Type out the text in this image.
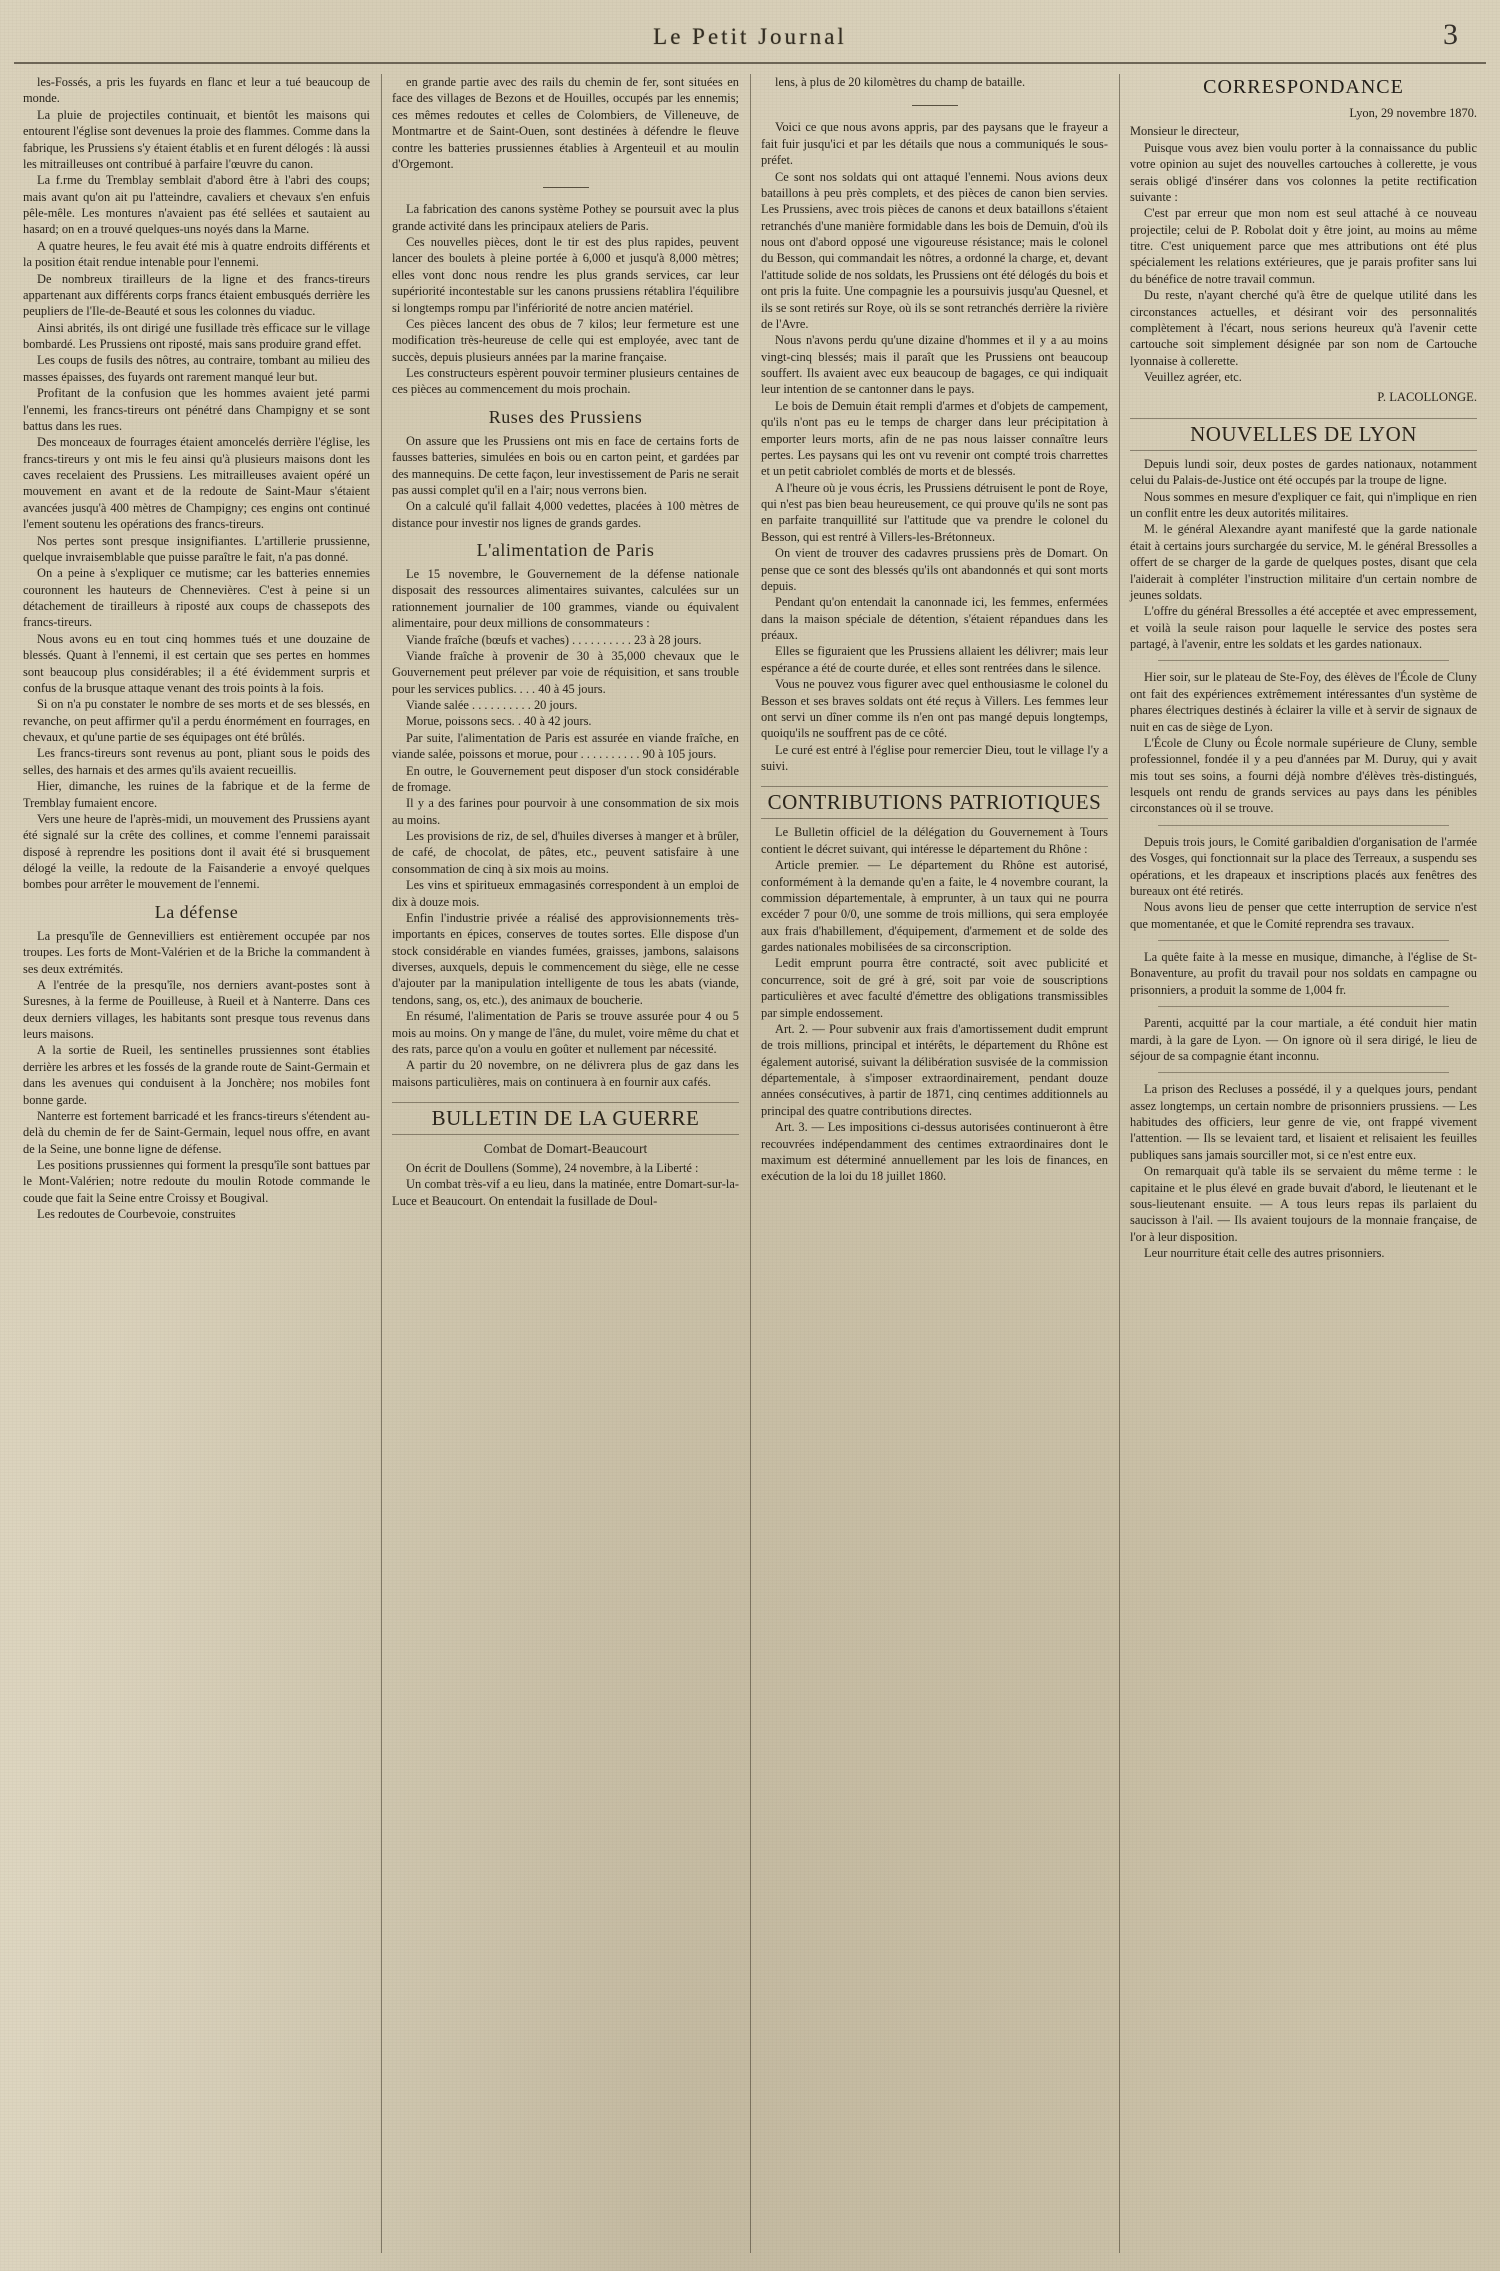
Le Petit Journal	3

les-Fossés, a pris les fuyards en flanc et leur a tué beaucoup de monde.

La pluie de projectiles continuait, et bientôt les maisons qui entourent l'église sont devenues la proie des flammes. Comme dans la fabrique, les Prussiens s'y étaient établis et en furent délogés : là aussi les mitrailleuses ont contribué à parfaire l'œuvre du canon.

La f.rme du Tremblay semblait d'abord être à l'abri des coups; mais avant qu'on ait pu l'atteindre, cavaliers et chevaux s'en enfuis pêle-mêle. Les montures n'avaient pas été sellées et sautaient au hasard; on en a trouvé quelques-uns noyés dans la Marne.

A quatre heures, le feu avait été mis à quatre endroits différents et la position était rendue intenable pour l'ennemi.

De nombreux tirailleurs de la ligne et des francs-tireurs appartenant aux différents corps francs étaient embusqués derrière les peupliers de l'Ile-de-Beauté et sous les colonnes du viaduc.

Ainsi abrités, ils ont dirigé une fusillade très efficace sur le village bombardé. Les Prussiens ont riposté, mais sans produire grand effet.

Les coups de fusils des nôtres, au contraire, tombant au milieu des masses épaisses, des fuyards ont rarement manqué leur but.

Profitant de la confusion que les hommes avaient jeté parmi l'ennemi, les francs-tireurs ont pénétré dans Champigny et se sont battus dans les rues.

Des monceaux de fourrages étaient amoncelés derrière l'église, les francs-tireurs y ont mis le feu ainsi qu'à plusieurs maisons dont les caves recelaient des Prussiens. Les mitrailleuses avaient opéré un mouvement en avant et de la redoute de Saint-Maur s'étaient avancées jusqu'à 400 mètres de Champigny; ces engins ont continué l'ement soutenu les opérations des francs-tireurs.

Nos pertes sont presque insignifiantes. L'artillerie prussienne, quelque invraisemblable que puisse paraître le fait, n'a pas donné.

On a peine à s'expliquer ce mutisme; car les batteries ennemies couronnent les hauteurs de Chennevières. C'est à peine si un détachement de tirailleurs à riposté aux coups de chassepots des francs-tireurs.

Nous avons eu en tout cinq hommes tués et une douzaine de blessés. Quant à l'ennemi, il est certain que ses pertes en hommes sont beaucoup plus considérables; il a été évidemment surpris et confus de la brusque attaque venant des trois points à la fois.

Si on n'a pu constater le nombre de ses morts et de ses blessés, en revanche, on peut affirmer qu'il a perdu énormément en fourrages, en chevaux, et qu'une partie de ses équipages ont été brûlés.

Les francs-tireurs sont revenus au pont, pliant sous le poids des selles, des harnais et des armes qu'ils avaient recueillis.

Hier, dimanche, les ruines de la fabrique et de la ferme de Tremblay fumaient encore.

Vers une heure de l'après-midi, un mouvement des Prussiens ayant été signalé sur la crête des collines, et comme l'ennemi paraissait disposé à reprendre les positions dont il avait été si brusquement délogé la veille, la redoute de la Faisanderie a envoyé quelques bombes pour arrêter le mouvement de l'ennemi.

La défense

La presqu'île de Gennevilliers est entièrement occupée par nos troupes. Les forts de Mont-Valérien et de la Briche la commandent à ses deux extrémités.

A l'entrée de la presqu'île, nos derniers avant-postes sont à Suresnes, à la ferme de Pouilleuse, à Rueil et à Nanterre. Dans ces deux derniers villages, les habitants sont presque tous revenus dans leurs maisons.

A la sortie de Rueil, les sentinelles prussiennes sont établies derrière les arbres et les fossés de la grande route de Saint-Germain et dans les avenues qui conduisent à la Jonchère; nos mobiles font bonne garde.

Nanterre est fortement barricadé et les francs-tireurs s'étendent au-delà du chemin de fer de Saint-Germain, lequel nous offre, en avant de la Seine, une bonne ligne de défense.

Les positions prussiennes qui forment la presqu'île sont battues par le Mont-Valérien; notre redoute du moulin Rotode commande le coude que fait la Seine entre Croissy et Bougival.

Les redoutes de Courbevoie, construites

en grande partie avec des rails du chemin de fer, sont situées en face des villages de Bezons et de Houilles, occupés par les ennemis; ces mêmes redoutes et celles de Colombiers, de Villeneuve, de Montmartre et de Saint-Ouen, sont destinées à défendre le fleuve contre les batteries prussiennes établies à Argenteuil et au moulin d'Orgemont.

La fabrication des canons système Pothey se poursuit avec la plus grande activité dans les principaux ateliers de Paris.

Ces nouvelles pièces, dont le tir est des plus rapides, peuvent lancer des boulets à pleine portée à 6,000 et jusqu'à 8,000 mètres; elles vont donc nous rendre les plus grands services, car leur supériorité incontestable sur les canons prussiens rétablira l'équilibre si longtemps rompu par l'infériorité de notre ancien matériel.

Ces pièces lancent des obus de 7 kilos; leur fermeture est une modification très-heureuse de celle qui est employée, avec tant de succès, depuis plusieurs années par la marine française.

Les constructeurs espèrent pouvoir terminer plusieurs centaines de ces pièces au commencement du mois prochain.

Ruses des Prussiens

On assure que les Prussiens ont mis en face de certains forts de fausses batteries, simulées en bois ou en carton peint, et gardées par des mannequins. De cette façon, leur investissement de Paris ne serait pas aussi complet qu'il en a l'air; nous verrons bien.

On a calculé qu'il fallait 4,000 vedettes, placées à 100 mètres de distance pour investir nos lignes de grands gardes.

L'alimentation de Paris

Le 15 novembre, le Gouvernement de la défense nationale disposait des ressources alimentaires suivantes, calculées sur un rationnement journalier de 100 grammes, viande ou équivalent alimentaire, pour deux millions de consommateurs :

Viande fraîche (bœufs et vaches) . . . . . . . . . . 23 à 28 jours.

Viande fraîche à provenir de 30 à 35,000 chevaux que le Gouvernement peut prélever par voie de réquisition, et sans trouble pour les services publics. . . . 40 à 45 jours.

Viande salée . . . . . . . . . . 20 jours.

Morue, poissons secs. . 40 à 42 jours.

Par suite, l'alimentation de Paris est assurée en viande fraîche, en viande salée, poissons et morue, pour . . . . . . . . . . 90 à 105 jours.

En outre, le Gouvernement peut disposer d'un stock considérable de fromage.

Il y a des farines pour pourvoir à une consommation de six mois au moins.

Les provisions de riz, de sel, d'huiles diverses à manger et à brûler, de café, de chocolat, de pâtes, etc., peuvent satisfaire à une consommation de cinq à six mois au moins.

Les vins et spiritueux emmagasinés correspondent à un emploi de dix à douze mois.

Enfin l'industrie privée a réalisé des approvisionnements très-importants en épices, conserves de toutes sortes. Elle dispose d'un stock considérable en viandes fumées, graisses, jambons, salaisons diverses, auxquels, depuis le commencement du siège, elle ne cesse d'ajouter par la manipulation intelligente de tous les abats (viande, tendons, sang, os, etc.), des animaux de boucherie.

En résumé, l'alimentation de Paris se trouve assurée pour 4 ou 5 mois au moins. On y mange de l'âne, du mulet, voire même du chat et des rats, parce qu'on a voulu en goûter et nullement par nécessité.

A partir du 20 novembre, on ne délivrera plus de gaz dans les maisons particulières, mais on continuera à en fournir aux cafés.

BULLETIN DE LA GUERRE
Combat de Domart-Beaucourt

On écrit de Doullens (Somme), 24 novembre, à la Liberté :

Un combat très-vif a eu lieu, dans la matinée, entre Domart-sur-la-Luce et Beaucourt. On entendait la fusillade de Doul-

lens, à plus de 20 kilomètres du champ de bataille.

Voici ce que nous avons appris, par des paysans que le frayeur a fait fuir jusqu'ici et par les détails que nous a communiqués le sous-préfet.

Ce sont nos soldats qui ont attaqué l'ennemi. Nous avions deux bataillons à peu près complets, et des pièces de canon bien servies. Les Prussiens, avec trois pièces de canons et deux bataillons s'étaient retranchés d'une manière formidable dans les bois de Demuin, d'où ils nous ont d'abord opposé une vigoureuse résistance; mais le colonel du Besson, qui commandait les nôtres, a ordonné la charge, et, devant l'attitude solide de nos soldats, les Prussiens ont été délogés du bois et ont pris la fuite. Une compagnie les a poursuivis jusqu'au Quesnel, et ils se sont retirés sur Roye, où ils se sont retranchés derrière la rivière de l'Avre.

Nous n'avons perdu qu'une dizaine d'hommes et il y a au moins vingt-cinq blessés; mais il paraît que les Prussiens ont beaucoup souffert. Ils avaient avec eux beaucoup de bagages, ce qui indiquait leur intention de se cantonner dans le pays.

Le bois de Demuin était rempli d'armes et d'objets de campement, qu'ils n'ont pas eu le temps de charger dans leur précipitation à emporter leurs morts, afin de ne pas nous laisser connaître leurs pertes. Les paysans qui les ont vu revenir ont compté trois charrettes et un petit cabriolet comblés de morts et de blessés.

A l'heure où je vous écris, les Prussiens détruisent le pont de Roye, qui n'est pas bien beau heureusement, ce qui prouve qu'ils ne sont pas en parfaite tranquillité sur l'attitude que va prendre le colonel du Besson, qui est rentré à Villers-les-Brétonneux.

On vient de trouver des cadavres prussiens près de Domart. On pense que ce sont des blessés qu'ils ont abandonnés et qui sont morts depuis.

Pendant qu'on entendait la canonnade ici, les femmes, enfermées dans la maison spéciale de détention, s'étaient répandues dans les préaux.

Elles se figuraient que les Prussiens allaient les délivrer; mais leur espérance a été de courte durée, et elles sont rentrées dans le silence.

Vous ne pouvez vous figurer avec quel enthousiasme le colonel du Besson et ses braves soldats ont été reçus à Villers. Les femmes leur ont servi un dîner comme ils n'en ont pas mangé depuis longtemps, quoiqu'ils ne souffrent pas de ce côté.

Le curé est entré à l'église pour remercier Dieu, tout le village l'y a suivi.

CONTRIBUTIONS PATRIOTIQUES

Le Bulletin officiel de la délégation du Gouvernement à Tours contient le décret suivant, qui intéresse le département du Rhône :

Article premier. — Le département du Rhône est autorisé, conformément à la demande qu'en a faite, le 4 novembre courant, la commission départementale, à emprunter, à un taux qui ne pourra excéder 7 pour 0/0, une somme de trois millions, qui sera employée aux frais d'habillement, d'équipement, d'armement et de solde des gardes nationales mobilisées de sa circonscription.

Ledit emprunt pourra être contracté, soit avec publicité et concurrence, soit de gré à gré, soit par voie de souscriptions particulières et avec faculté d'émettre des obligations transmissibles par simple endossement.

Art. 2. — Pour subvenir aux frais d'amortissement dudit emprunt de trois millions, principal et intérêts, le département du Rhône est également autorisé, suivant la délibération susvisée de la commission départementale, à s'imposer extraordinairement, pendant douze années consécutives, à partir de 1871, cinq centimes additionnels au principal des quatre contributions directes.

Art. 3. — Les impositions ci-dessus autorisées continueront à être recouvrées indépendamment des centimes extraordinaires dont le maximum est déterminé annuellement par les lois de finances, en exécution de la loi du 18 juillet 1860.

CORRESPONDANCE

Lyon, 29 novembre 1870.

Monsieur le directeur,

Puisque vous avez bien voulu porter à la connaissance du public votre opinion au sujet des nouvelles cartouches à collerette, je vous serais obligé d'insérer dans vos colonnes la petite rectification suivante :

C'est par erreur que mon nom est seul attaché à ce nouveau projectile; celui de P. Robolat doit y être joint, au moins au même titre. C'est uniquement parce que mes attributions ont été plus spécialement les relations extérieures, que je parais profiter sans lui du bénéfice de notre travail commun.

Du reste, n'ayant cherché qu'à être de quelque utilité dans les circonstances actuelles, et désirant voir des personnalités complètement à l'écart, nous serions heureux qu'à l'avenir cette cartouche soit simplement désignée par son nom de Cartouche lyonnaise à collerette.

Veuillez agréer, etc.

P. LACOLLONGE.

NOUVELLES DE LYON

Depuis lundi soir, deux postes de gardes nationaux, notamment celui du Palais-de-Justice ont été occupés par la troupe de ligne.

Nous sommes en mesure d'expliquer ce fait, qui n'implique en rien un conflit entre les deux autorités militaires.

M. le général Alexandre ayant manifesté que la garde nationale était à certains jours surchargée du service, M. le général Bressolles a offert de se charger de la garde de quelques postes, disant que cela l'aiderait à compléter l'instruction militaire d'un certain nombre de jeunes soldats.

L'offre du général Bressolles a été acceptée et avec empressement, et voilà la seule raison pour laquelle le service des postes sera partagé, à l'avenir, entre les soldats et les gardes nationaux.

Hier soir, sur le plateau de Ste-Foy, des élèves de l'École de Cluny ont fait des expériences extrêmement intéressantes d'un système de phares électriques destinés à éclairer la ville et à servir de signaux de nuit en cas de siège de Lyon.

L'École de Cluny ou École normale supérieure de Cluny, semble professionnel, fondée il y a peu d'années par M. Duruy, qui y avait mis tout ses soins, a fourni déjà nombre d'élèves très-distingués, lesquels ont rendu de grands services au pays dans les pénibles circonstances où il se trouve.

Depuis trois jours, le Comité garibaldien d'organisation de l'armée des Vosges, qui fonctionnait sur la place des Terreaux, a suspendu ses opérations, et les drapeaux et inscriptions placés aux fenêtres des bureaux ont été retirés.

Nous avons lieu de penser que cette interruption de service n'est que momentanée, et que le Comité reprendra ses travaux.

La quête faite à la messe en musique, dimanche, à l'église de St-Bonaventure, au profit du travail pour nos soldats en campagne ou prisonniers, a produit la somme de 1,004 fr.

Parenti, acquitté par la cour martiale, a été conduit hier matin mardi, à la gare de Lyon. — On ignore où il sera dirigé, le lieu de séjour de sa compagnie étant inconnu.

La prison des Recluses a possédé, il y a quelques jours, pendant assez longtemps, un certain nombre de prisonniers prussiens. — Les habitudes des officiers, leur genre de vie, ont frappé vivement l'attention. — Ils se levaient tard, et lisaient et relisaient les feuilles publiques sans jamais sourciller mot, si ce n'est entre eux.

On remarquait qu'à table ils se servaient du même terme : le capitaine et le plus élevé en grade buvait d'abord, le lieutenant et le sous-lieutenant ensuite. — A tous leurs repas ils parlaient du saucisson à l'ail. — Ils avaient toujours de la monnaie française, de l'or à leur disposition.

Leur nourriture était celle des autres prisonniers.
